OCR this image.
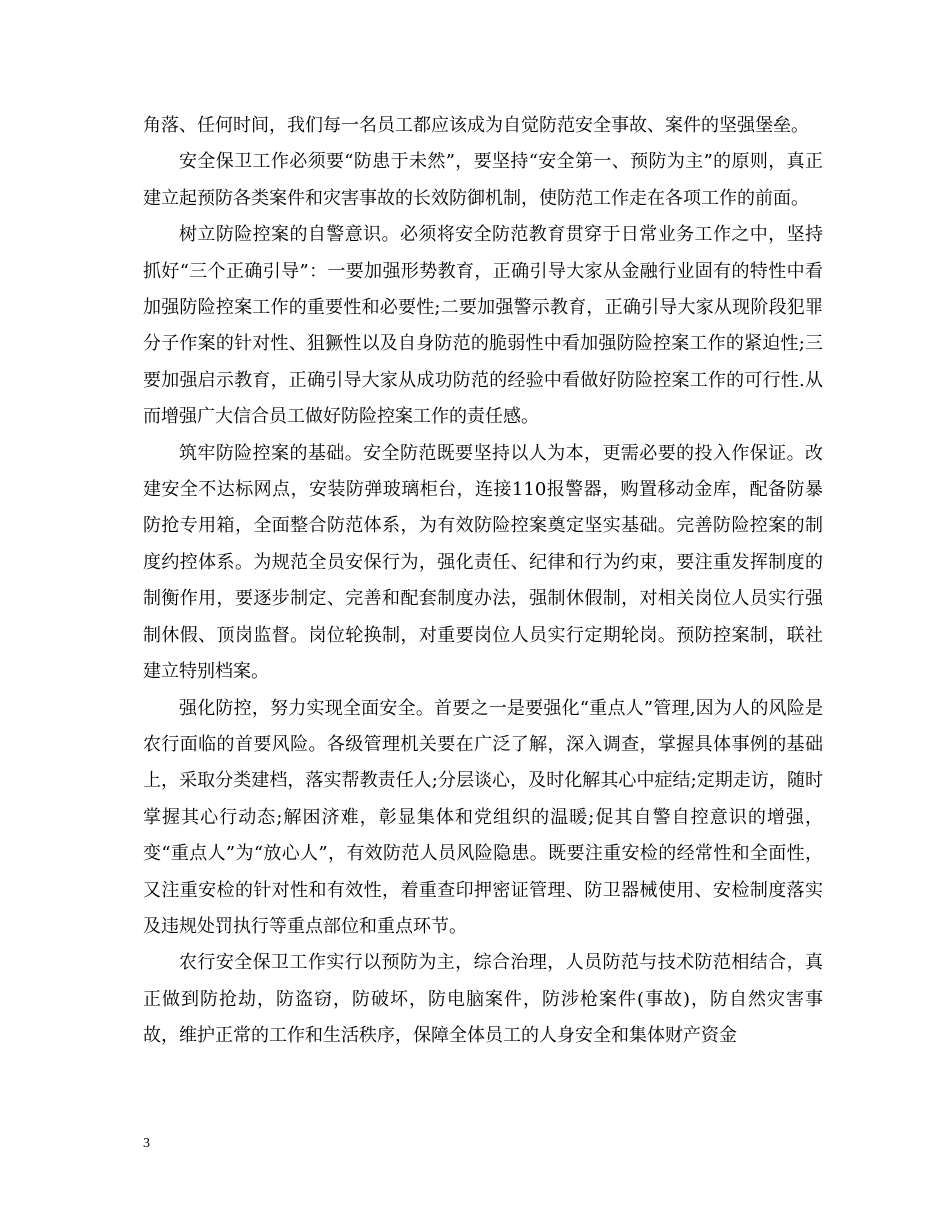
角落、任何时间，我们每一名员工都应该成为自觉防范安全事故、案件的坚强堡垒。

安全保卫工作必须要“防患于未然”，要坚持“安全第一、预防为主”的原则，真正建立起预防各类案件和灾害事故的长效防御机制，使防范工作走在各项工作的前面。

树立防险控案的自警意识。必须将安全防范教育贯穿于日常业务工作之中，坚持抓好“三个正确引导”：一要加强形势教育，正确引导大家从金融行业固有的特性中看加强防险控案工作的重要性和必要性;二要加强警示教育，正确引导大家从现阶段犯罪分子作案的针对性、狙獗性以及自身防范的脆弱性中看加强防险控案工作的紧迫性;三要加强启示教育，正确引导大家从成功防范的经验中看做好防险控案工作的可行性.从而增强广大信合员工做好防险控案工作的责任感。

筑牢防险控案的基础。安全防范既要坚持以人为本，更需必要的投入作保证。改建安全不达标网点，安装防弹玻璃柜台，连接110报警器，购置移动金库，配备防暴防抢专用箱，全面整合防范体系，为有效防险控案奠定坚实基础。完善防险控案的制度约控体系。为规范全员安保行为，强化责任、纪律和行为约束，要注重发挥制度的制衡作用，要逐步制定、完善和配套制度办法，强制休假制，对相关岗位人员实行强制休假、顶岗监督。岗位轮换制，对重要岗位人员实行定期轮岗。预防控案制，联社建立特别档案。

强化防控，努力实现全面安全。首要之一是要强化“重点人”管理,因为人的风险是农行面临的首要风险。各级管理机关要在广泛了解，深入调查，掌握具体事例的基础上，采取分类建档，落实帮教责任人;分层谈心，及时化解其心中症结;定期走访，随时掌握其心行动态;解困济难，彰显集体和党组织的温暖;促其自警自控意识的增强，变“重点人”为“放心人”，有效防范人员风险隐患。既要注重安检的经常性和全面性，又注重安检的针对性和有效性，着重查印押密证管理、防卫器械使用、安检制度落实及违规处罚执行等重点部位和重点环节。

农行安全保卫工作实行以预防为主，综合治理，人员防范与技术防范相结合，真正做到防抢劫，防盗窃，防破坏，防电脑案件，防涉枪案件(事故)，防自然灾害事故，维护正常的工作和生活秩序，保障全体员工的人身安全和集体财产资金

3
